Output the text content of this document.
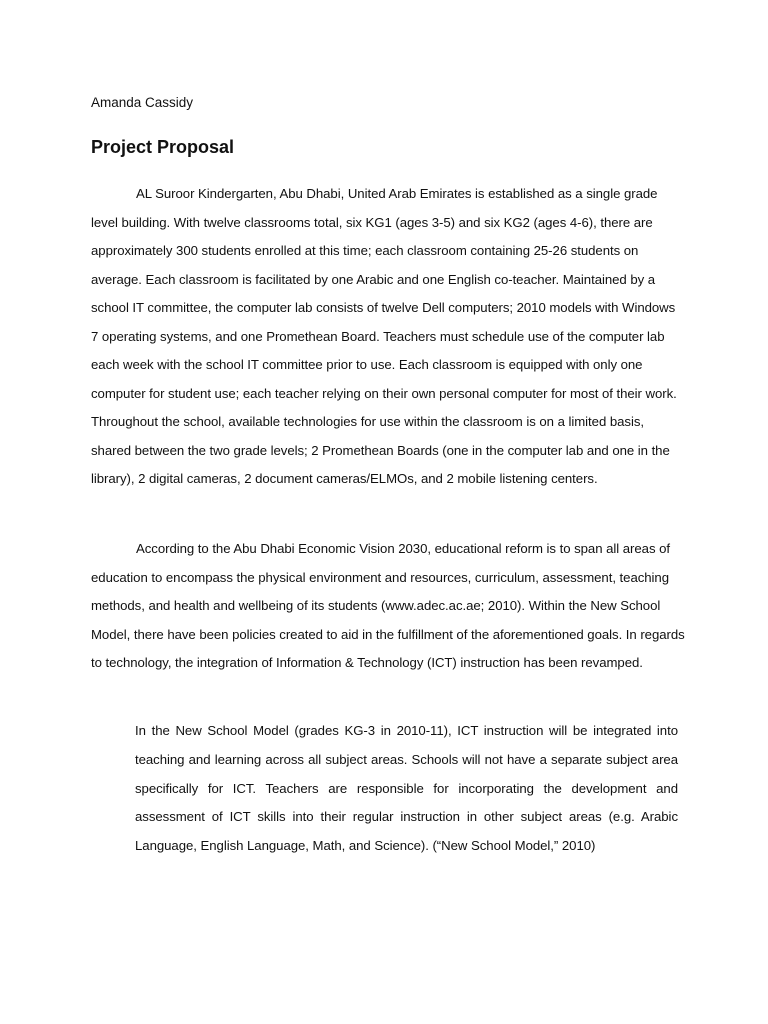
Amanda Cassidy

Project Proposal

AL Suroor Kindergarten, Abu Dhabi, United Arab Emirates is established as a single grade level building. With twelve classrooms total, six KG1 (ages 3-5) and six KG2 (ages 4-6), there are approximately 300 students enrolled at this time; each classroom containing 25-26 students on average. Each classroom is facilitated by one Arabic and one English co-teacher. Maintained by a school IT committee, the computer lab consists of twelve Dell computers; 2010 models with Windows 7 operating systems, and one Promethean Board. Teachers must schedule use of the computer lab each week with the school IT committee prior to use. Each classroom is equipped with only one computer for student use; each teacher relying on their own personal computer for most of their work. Throughout the school, available technologies for use within the classroom is on a limited basis, shared between the two grade levels; 2 Promethean Boards (one in the computer lab and one in the library), 2 digital cameras, 2 document cameras/ELMOs, and 2 mobile listening centers.

According to the Abu Dhabi Economic Vision 2030, educational reform is to span all areas of education to encompass the physical environment and resources, curriculum, assessment, teaching methods, and health and wellbeing of its students (www.adec.ac.ae; 2010). Within the New School Model, there have been policies created to aid in the fulfillment of the aforementioned goals. In regards to technology, the integration of Information & Technology (ICT) instruction has been revamped.

In the New School Model (grades KG-3 in 2010-11), ICT instruction will be integrated into teaching and learning across all subject areas. Schools will not have a separate subject area specifically for ICT. Teachers are responsible for incorporating the development and assessment of ICT skills into their regular instruction in other subject areas (e.g. Arabic Language, English Language, Math, and Science). (“New School Model,” 2010)
